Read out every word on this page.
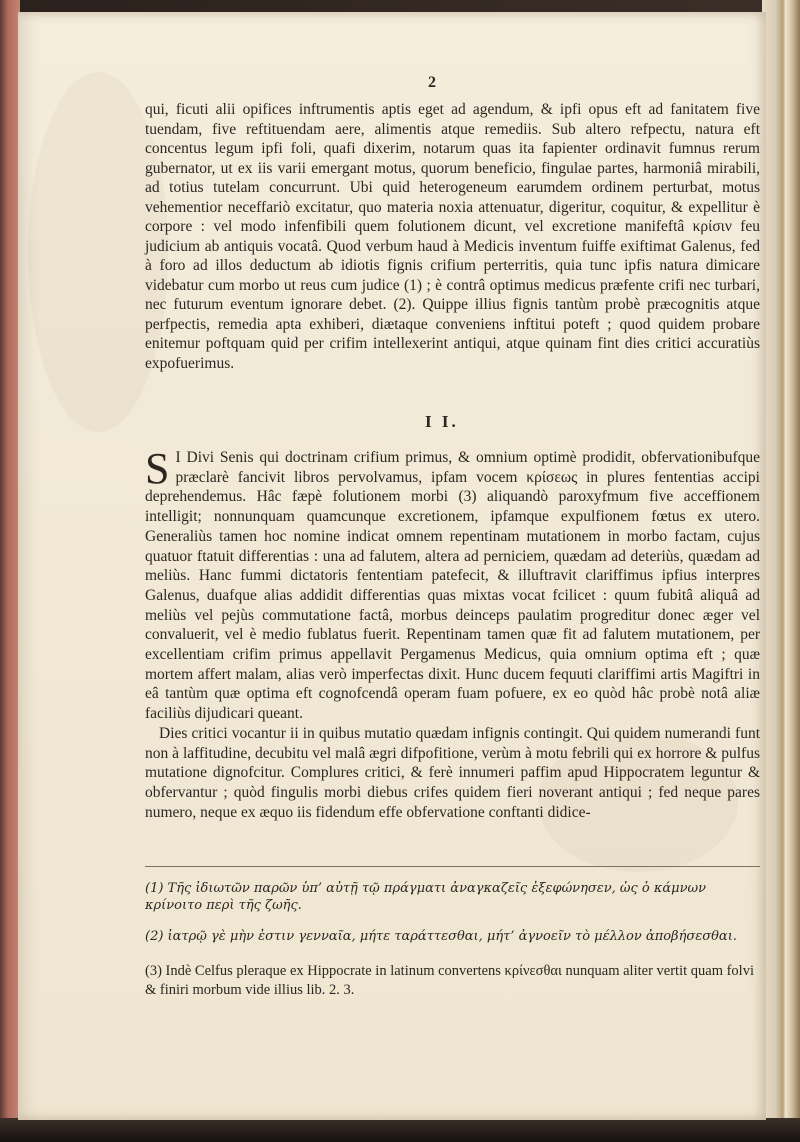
2
qui, ficuti alii opifices inftrumentis aptis eget ad agendum, & ipfi opus eft ad fanitatem five tuendam, five reftituendam aere, alimentis atque remediis. Sub altero refpectu, natura eft concentus legum ipfi foli, quafi dixerim, notarum quas ita fapienter ordinavit fumnus rerum gubernator, ut ex iis varii emergant motus, quorum beneficio, fingulae partes, harmoniâ mirabili, ad totius tutelam concurrunt. Ubi quid heterogeneum earumdem ordinem perturbat, motus vehementior neceffariò excitatur, quo materia noxia attenuatur, digeritur, coquitur, & expellitur è corpore : vel modo infenfibili quem folutionem dicunt, vel excretione manifeftâ κρίσιν feu judicium ab antiquis vocatâ. Quod verbum haud à Medicis inventum fuiffe exiftimat Galenus, fed à foro ad illos deductum ab idiotis fignis crifium perterritis, quia tunc ipfis natura dimicare videbatur cum morbo ut reus cum judice (1) ; è contrâ optimus medicus præfente crifi nec turbari, nec futurum eventum ignorare debet. (2). Quippe illius fignis tantùm probè præcognitis atque perfpectis, remedia apta exhiberi, diætaque conveniens inftitui poteft ; quod quidem probare enitemur poftquam quid per crifim intellexerint antiqui, atque quinam fint dies critici accuratiùs expofuerimus.
I I.

S I Divi Senis qui doctrinam crifium primus, & omnium optimè prodidit, obfervationibufque præclarè fancivit libros pervolvamus, ipfam vocem κρίσεως in plures fententias accipi deprehendemus. Hâc fæpè folutionem morbi (3) aliquandò paroxyfmum five acceffionem intelligit; nonnunquam quamcunque excretionem, ipfamque expulfionem fœtus ex utero. Generaliùs tamen hoc nomine indicat omnem repentinam mutationem in morbo factam, cujus quatuor ftatuit differentias : una ad falutem, altera ad perniciem, quædam ad deteriùs, quædam ad meliùs. Hanc fummi dictatoris fententiam patefecit, & illuftravit clariffimus ipfius interpres Galenus, duafque alias addidit differentias quas mixtas vocat fcilicet : quum fubitâ aliquâ ad meliùs vel pejùs commutatione factâ, morbus deinceps paulatim progreditur donec æger vel convaluerit, vel è medio fublatus fuerit. Repentinam tamen quæ fit ad falutem mutationem, per excellentiam crifim primus appellavit Pergamenus Medicus, quia omnium optima eft ; quæ mortem affert malam, alias verò imperfectas dixit. Hunc ducem fequuti clariffimi artis Magiftri in eâ tantùm quæ optima eft cognofcendâ operam fuam pofuere, ex eo quòd hâc probè notâ aliæ faciliùs dijudicari queant.

Dies critici vocantur ii in quibus mutatio quædam infignis contingit. Qui quidem numerandi funt non à laffitudine, decubitu vel malâ ægri difpofitione, verùm à motu febrili qui ex horrore & pulfus mutatione dignofcitur. Complures critici, & ferè innumeri paffim apud Hippocratem leguntur & obfervantur ; quòd fingulis morbi diebus crifes quidem fieri noverant antiqui ; fed neque pares numero, neque ex æquo iis fidendum effe obfervatione conftanti didice-

(1) Τῆς ἰδιωτῶν παρῶν ὑπ’ αὐτῇ τῷ πράγματι ἀναγκαζεῖς ἐξεφώνησεν, ὡς ὁ κάμνων κρίνοιτο περὶ τῆς ζωῆς.
(2) ἰατρῷ γὲ μὴν ἐστιν γενναῖα, μήτε ταράττεσθαι, μήτ’ ἀγνοεῖν τὸ μέλλον ἀποβήσεσθαι.
(3) Indè Celfus pleraque ex Hippocrate in latinum convertens κρίνεσθαι nunquam aliter vertit quam folvi & finiri morbum vide illius lib. 2. 3.
